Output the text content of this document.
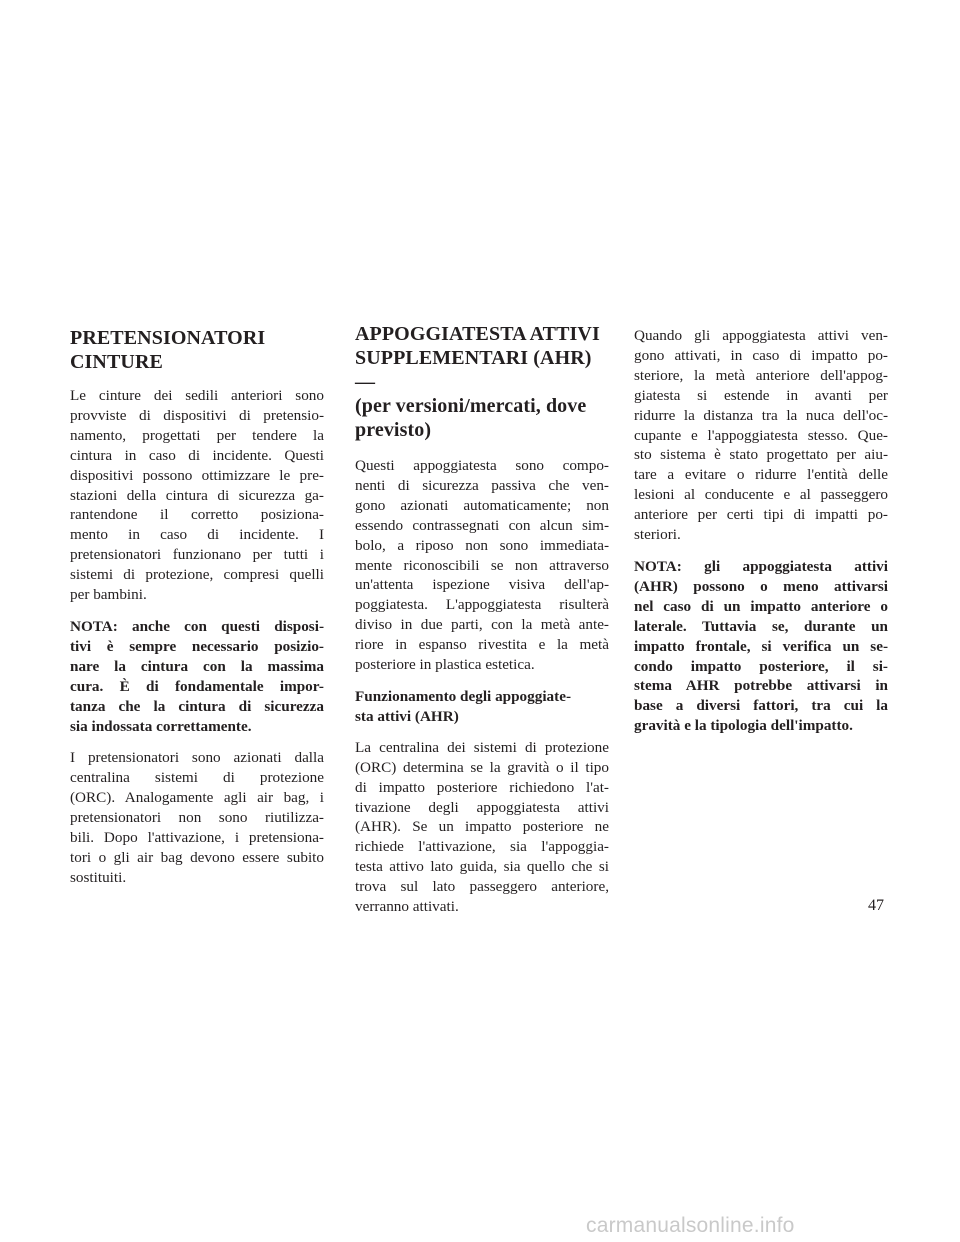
PRETENSIONATORI
CINTURE

Le cinture dei sedili anteriori sono
provviste di dispositivi di pretensio-
namento, progettati per tendere la
cintura in caso di incidente. Questi
dispositivi possono ottimizzare le pre-
stazioni della cintura di sicurezza ga-
rantendone il corretto posiziona-
mento in caso di incidente. I
pretensionatori funzionano per tutti i
sistemi di protezione, compresi quelli
per bambini.

NOTA: anche con questi disposi-
tivi è sempre necessario posizio-
nare la cintura con la massima
cura. È di fondamentale impor-
tanza che la cintura di sicurezza
sia indossata correttamente.

I pretensionatori sono azionati dalla
centralina sistemi di protezione
(ORC). Analogamente agli air bag, i
pretensionatori non sono riutilizza-
bili. Dopo l'attivazione, i pretensiona-
tori o gli air bag devono essere subito
sostituiti.

APPOGGIATESTA ATTIVI
SUPPLEMENTARI (AHR) —
(per versioni/mercati, dove
previsto)

Questi appoggiatesta sono compo-
nenti di sicurezza passiva che ven-
gono azionati automaticamente; non
essendo contrassegnati con alcun sim-
bolo, a riposo non sono immediata-
mente riconoscibili se non attraverso
un'attenta ispezione visiva dell'ap-
poggiatesta. L'appoggiatesta risulterà
diviso in due parti, con la metà ante-
riore in espanso rivestita e la metà
posteriore in plastica estetica.

Funzionamento degli appoggiate-
sta attivi (AHR)

La centralina dei sistemi di protezione
(ORC) determina se la gravità o il tipo
di impatto posteriore richiedono l'at-
tivazione degli appoggiatesta attivi
(AHR). Se un impatto posteriore ne
richiede l'attivazione, sia l'appoggia-
testa attivo lato guida, sia quello che si
trova sul lato passeggero anteriore,
verranno attivati.

Quando gli appoggiatesta attivi ven-
gono attivati, in caso di impatto po-
steriore, la metà anteriore dell'appog-
giatesta si estende in avanti per
ridurre la distanza tra la nuca dell'oc-
cupante e l'appoggiatesta stesso. Que-
sto sistema è stato progettato per aiu-
tare a evitare o ridurre l'entità delle
lesioni al conducente e al passeggero
anteriore per certi tipi di impatti po-
steriori.

NOTA: gli appoggiatesta attivi
(AHR) possono o meno attivarsi
nel caso di un impatto anteriore o
laterale. Tuttavia se, durante un
impatto frontale, si verifica un se-
condo impatto posteriore, il si-
stema AHR potrebbe attivarsi in
base a diversi fattori, tra cui la
gravità e la tipologia dell'impatto.

47
carmanualsonline.info
